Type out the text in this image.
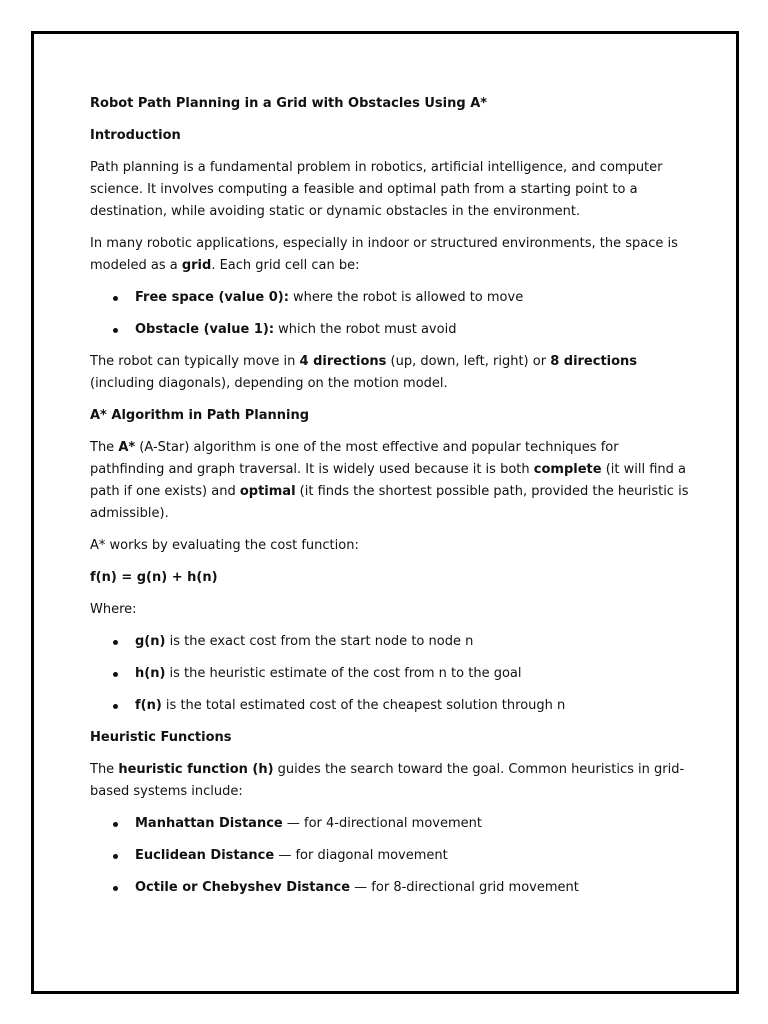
Robot Path Planning in a Grid with Obstacles Using A*
Introduction

Path planning is a fundamental problem in robotics, artificial intelligence, and computer science. It involves computing a feasible and optimal path from a starting point to a destination, while avoiding static or dynamic obstacles in the environment.

In many robotic applications, especially in indoor or structured environments, the space is modeled as a grid. Each grid cell can be:

Free space (value 0): where the robot is allowed to move
Obstacle (value 1): which the robot must avoid

The robot can typically move in 4 directions (up, down, left, right) or 8 directions (including diagonals), depending on the motion model.

A* Algorithm in Path Planning

The A* (A-Star) algorithm is one of the most effective and popular techniques for pathfinding and graph traversal. It is widely used because it is both complete (it will find a path if one exists) and optimal (it finds the shortest possible path, provided the heuristic is admissible).

A* works by evaluating the cost function:

f(n) = g(n) + h(n)

Where:

g(n) is the exact cost from the start node to node n
h(n) is the heuristic estimate of the cost from n to the goal
f(n) is the total estimated cost of the cheapest solution through n
Heuristic Functions

The heuristic function (h) guides the search toward the goal. Common heuristics in grid-based systems include:

Manhattan Distance — for 4-directional movement
Euclidean Distance — for diagonal movement
Octile or Chebyshev Distance — for 8-directional grid movement
